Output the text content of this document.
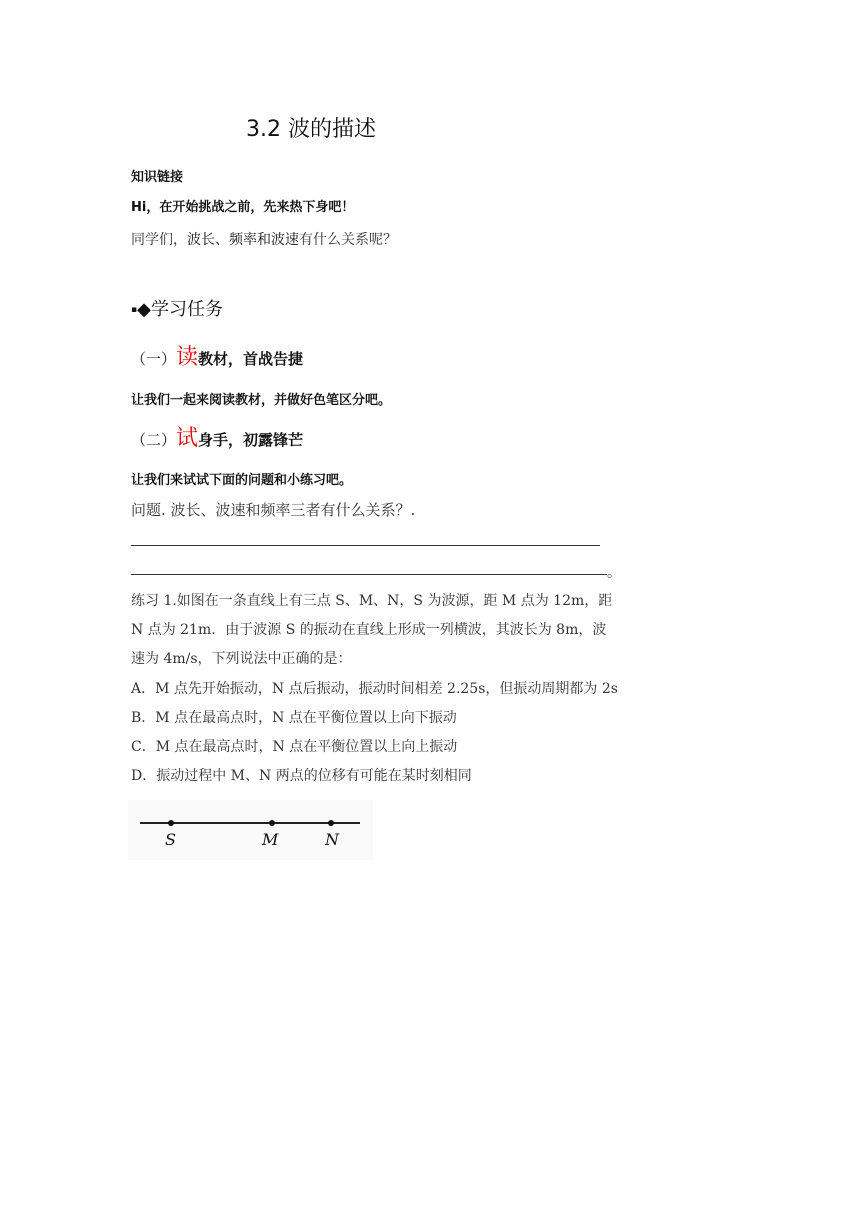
3.2 波的描述
知识链接
Hi，在开始挑战之前，先来热下身吧！
同学们，波长、频率和波速有什么关系呢？
▪◆学习任务
（一）读教材，首战告捷
让我们一起来阅读教材，并做好色笔区分吧。
（二）试身手，初露锋芒
让我们来试试下面的问题和小练习吧。
问题. 波长、波速和频率三者有什么关系？.
。
练习 1.如图在一条直线上有三点 S、M、N，S 为波源，距 M 点为 12m，距
N 点为 21m．由于波源 S 的振动在直线上形成一列横波，其波长为 8m，波
速为 4m/s，下列说法中正确的是：
A．M 点先开始振动，N 点后振动，振动时间相差 2.25s，但振动周期都为 2s
B．M 点在最高点时，N 点在平衡位置以上向下振动
C．M 点在最高点时，N 点在平衡位置以上向上振动
D．振动过程中 M、N 两点的位移有可能在某时刻相同
S	M	N
